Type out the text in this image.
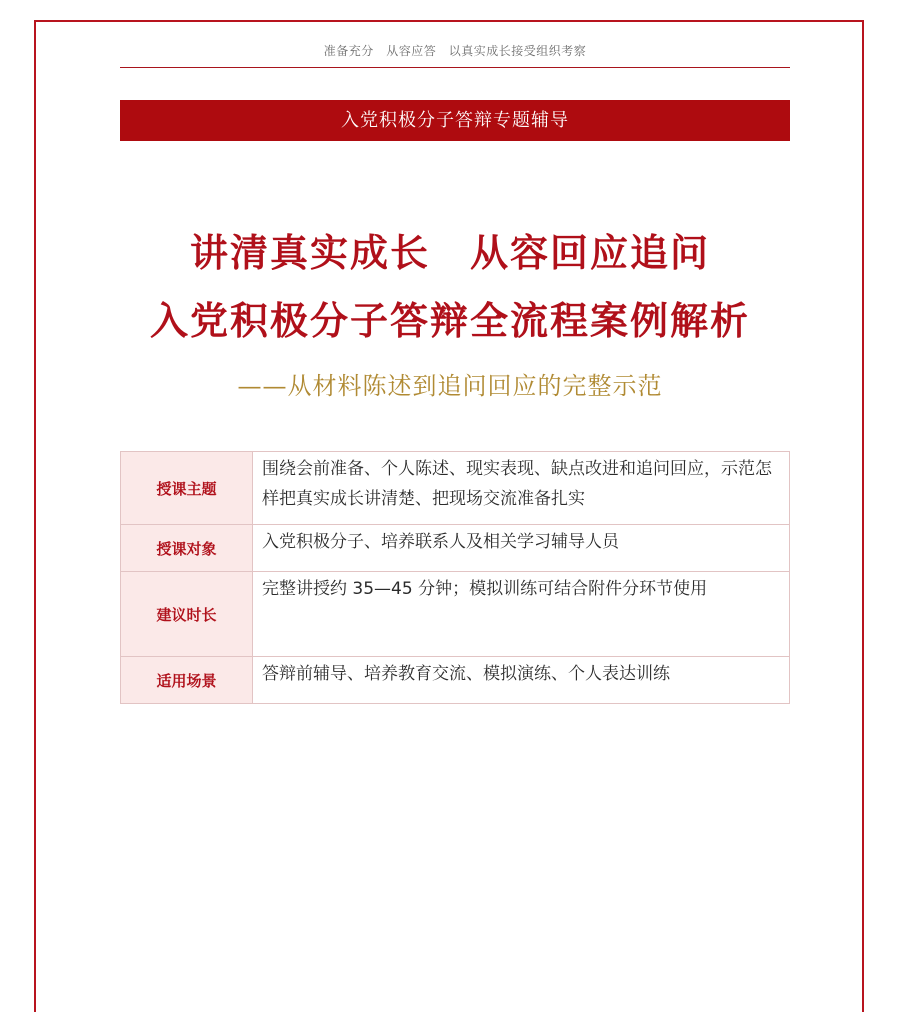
准备充分　从容应答　以真实成长接受组织考察
入党积极分子答辩专题辅导
讲清真实成长　从容回应追问
入党积极分子答辩全流程案例解析
——从材料陈述到追问回应的完整示范
授课主题	围绕会前准备、个人陈述、现实表现、缺点改进和追问回应，示范怎样把真实成长讲清楚、把现场交流准备扎实
授课对象	入党积极分子、培养联系人及相关学习辅导人员
建议时长	完整讲授约 35—45 分钟；模拟训练可结合附件分环节使用
适用场景	答辩前辅导、培养教育交流、模拟演练、个人表达训练
